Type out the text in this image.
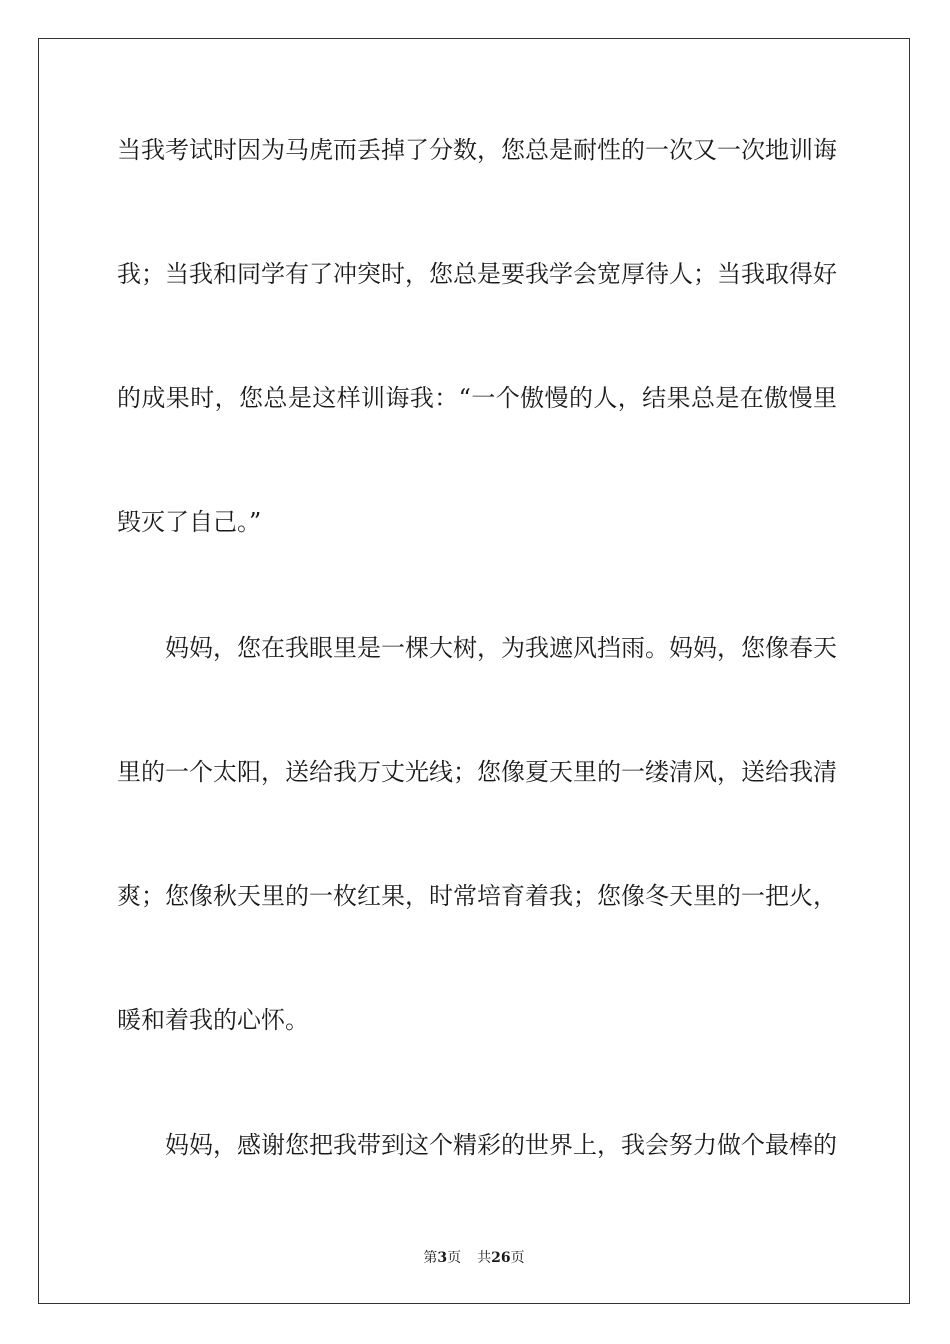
当我考试时因为马虎而丢掉了分数，您总是耐性的一次又一次地训诲

我；当我和同学有了冲突时，您总是要我学会宽厚待人；当我取得好

的成果时，您总是这样训诲我：“一个傲慢的人，结果总是在傲慢里

毁灭了自己。”

妈妈，您在我眼里是一棵大树，为我遮风挡雨。妈妈，您像春天

里的一个太阳，送给我万丈光线；您像夏天里的一缕清风，送给我清

爽；您像秋天里的一枚红果，时常培育着我；您像冬天里的一把火，

暖和着我的心怀。

妈妈，感谢您把我带到这个精彩的世界上，我会努力做个最棒的

第3页 共26页
